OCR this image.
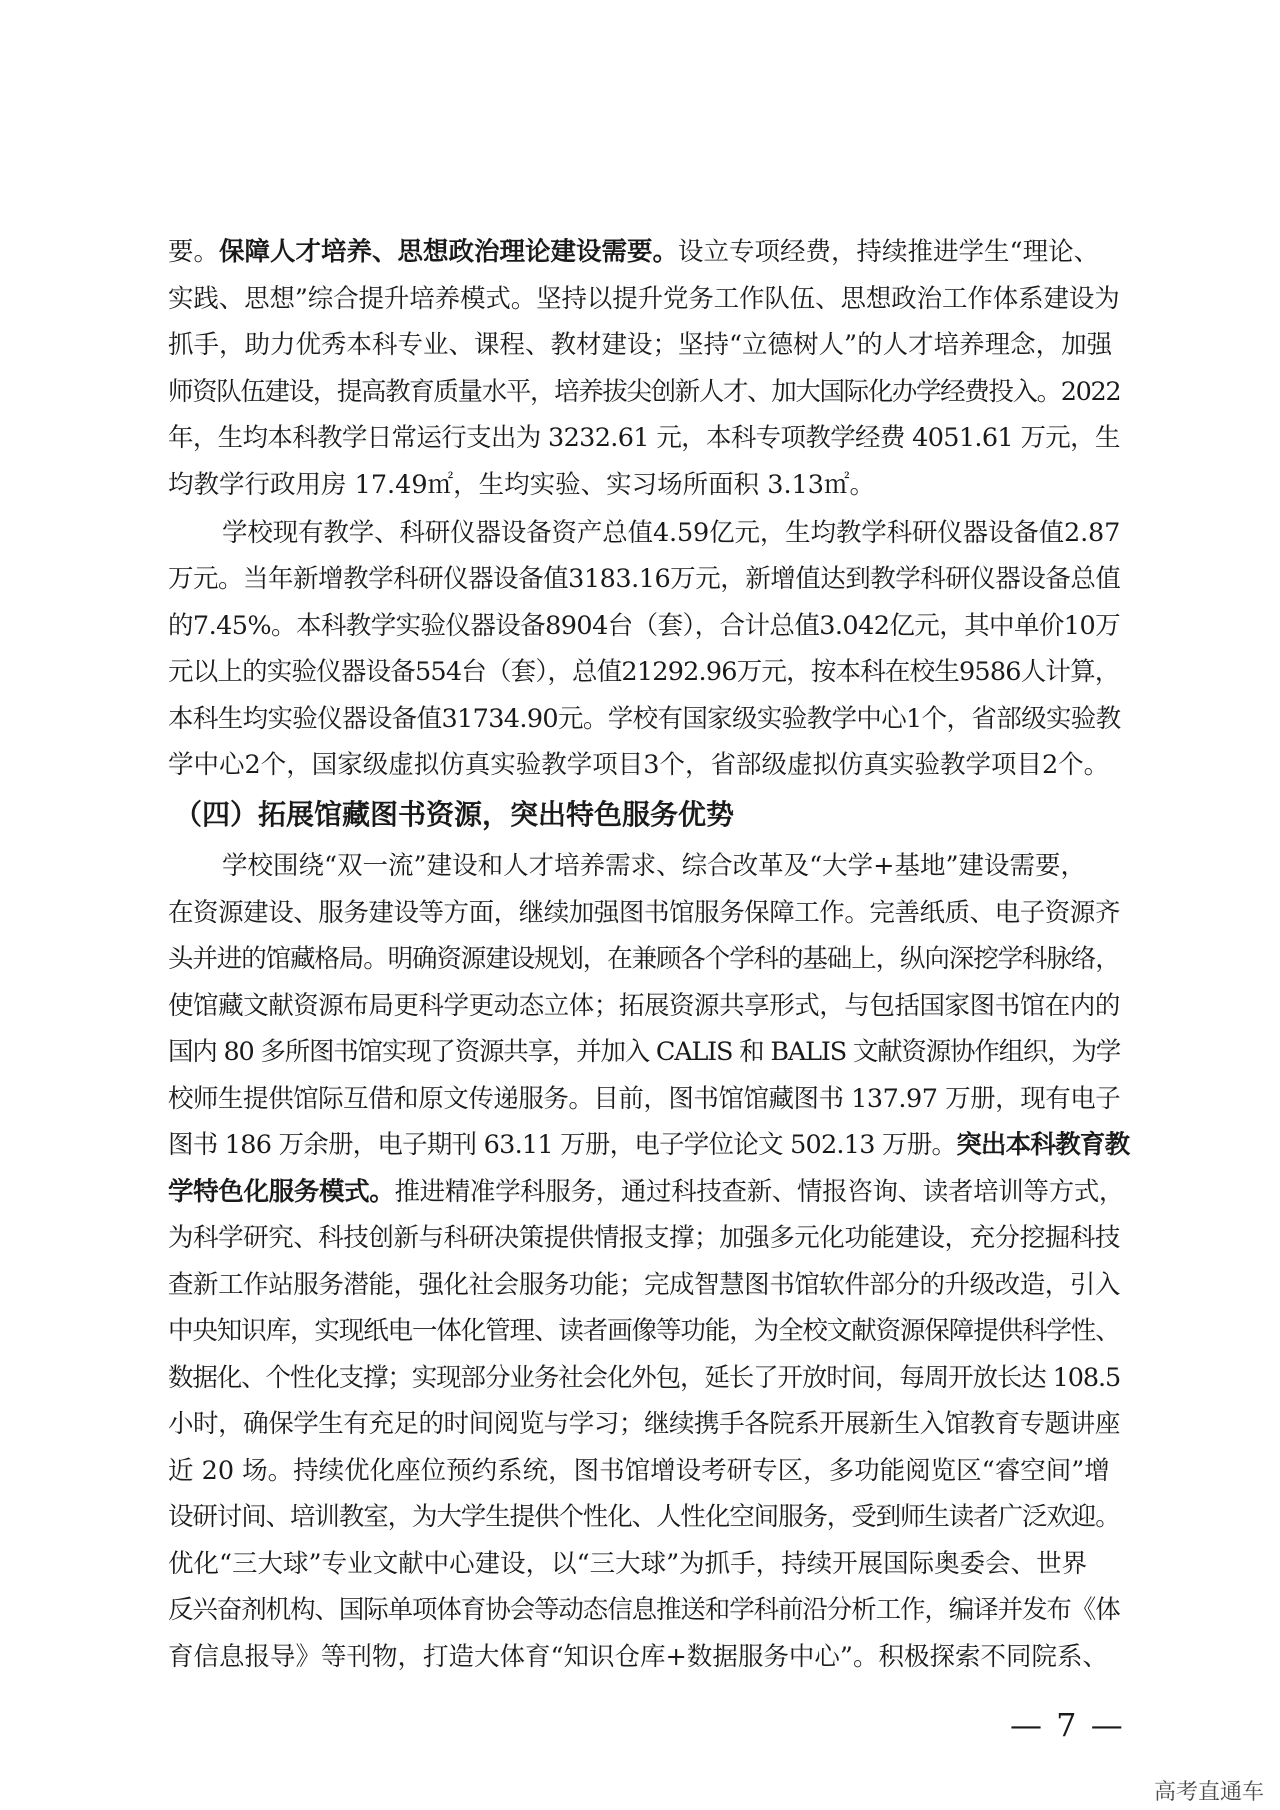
要。保障人才培养、思想政治理论建设需要。设立专项经费，持续推进学生“理论、
实践、思想”综合提升培养模式。坚持以提升党务工作队伍、思想政治工作体系建设为
抓手，助力优秀本科专业、课程、教材建设；坚持“立德树人”的人才培养理念，加强
师资队伍建设，提高教育质量水平，培养拔尖创新人才、加大国际化办学经费投入。2022
年，生均本科教学日常运行支出为 3232.61 元，本科专项教学经费 4051.61 万元，生
均教学行政用房 17.49㎡，生均实验、实习场所面积 3.13㎡。
学校现有教学、科研仪器设备资产总值4.59亿元，生均教学科研仪器设备值2.87
万元。当年新增教学科研仪器设备值3183.16万元，新增值达到教学科研仪器设备总值
的7.45%。本科教学实验仪器设备8904台（套），合计总值3.042亿元，其中单价10万
元以上的实验仪器设备554台（套），总值21292.96万元，按本科在校生9586人计算，
本科生均实验仪器设备值31734.90元。学校有国家级实验教学中心1个，省部级实验教
学中心2个，国家级虚拟仿真实验教学项目3个，省部级虚拟仿真实验教学项目2个。
（四）拓展馆藏图书资源，突出特色服务优势
学校围绕“双一流”建设和人才培养需求、综合改革及“大学+基地”建设需要，
在资源建设、服务建设等方面，继续加强图书馆服务保障工作。完善纸质、电子资源齐
头并进的馆藏格局。明确资源建设规划，在兼顾各个学科的基础上，纵向深挖学科脉络，
使馆藏文献资源布局更科学更动态立体；拓展资源共享形式，与包括国家图书馆在内的
国内 80 多所图书馆实现了资源共享，并加入 CALIS 和 BALIS 文献资源协作组织，为学
校师生提供馆际互借和原文传递服务。目前，图书馆馆藏图书 137.97 万册，现有电子
图书 186 万余册，电子期刊 63.11 万册，电子学位论文 502.13 万册。突出本科教育教
学特色化服务模式。推进精准学科服务，通过科技查新、情报咨询、读者培训等方式，
为科学研究、科技创新与科研决策提供情报支撑；加强多元化功能建设，充分挖掘科技
查新工作站服务潜能，强化社会服务功能；完成智慧图书馆软件部分的升级改造，引入
中央知识库，实现纸电一体化管理、读者画像等功能，为全校文献资源保障提供科学性、
数据化、个性化支撑；实现部分业务社会化外包，延长了开放时间，每周开放长达 108.5
小时，确保学生有充足的时间阅览与学习；继续携手各院系开展新生入馆教育专题讲座
近 20 场。持续优化座位预约系统，图书馆增设考研专区，多功能阅览区“睿空间”增
设研讨间、培训教室，为大学生提供个性化、人性化空间服务，受到师生读者广泛欢迎。
优化“三大球”专业文献中心建设，以“三大球”为抓手，持续开展国际奥委会、世界
反兴奋剂机构、国际单项体育协会等动态信息推送和学科前沿分析工作，编译并发布《体
育信息报导》等刊物，打造大体育“知识仓库+数据服务中心”。积极探索不同院系、
— 7 —
高考直通车
